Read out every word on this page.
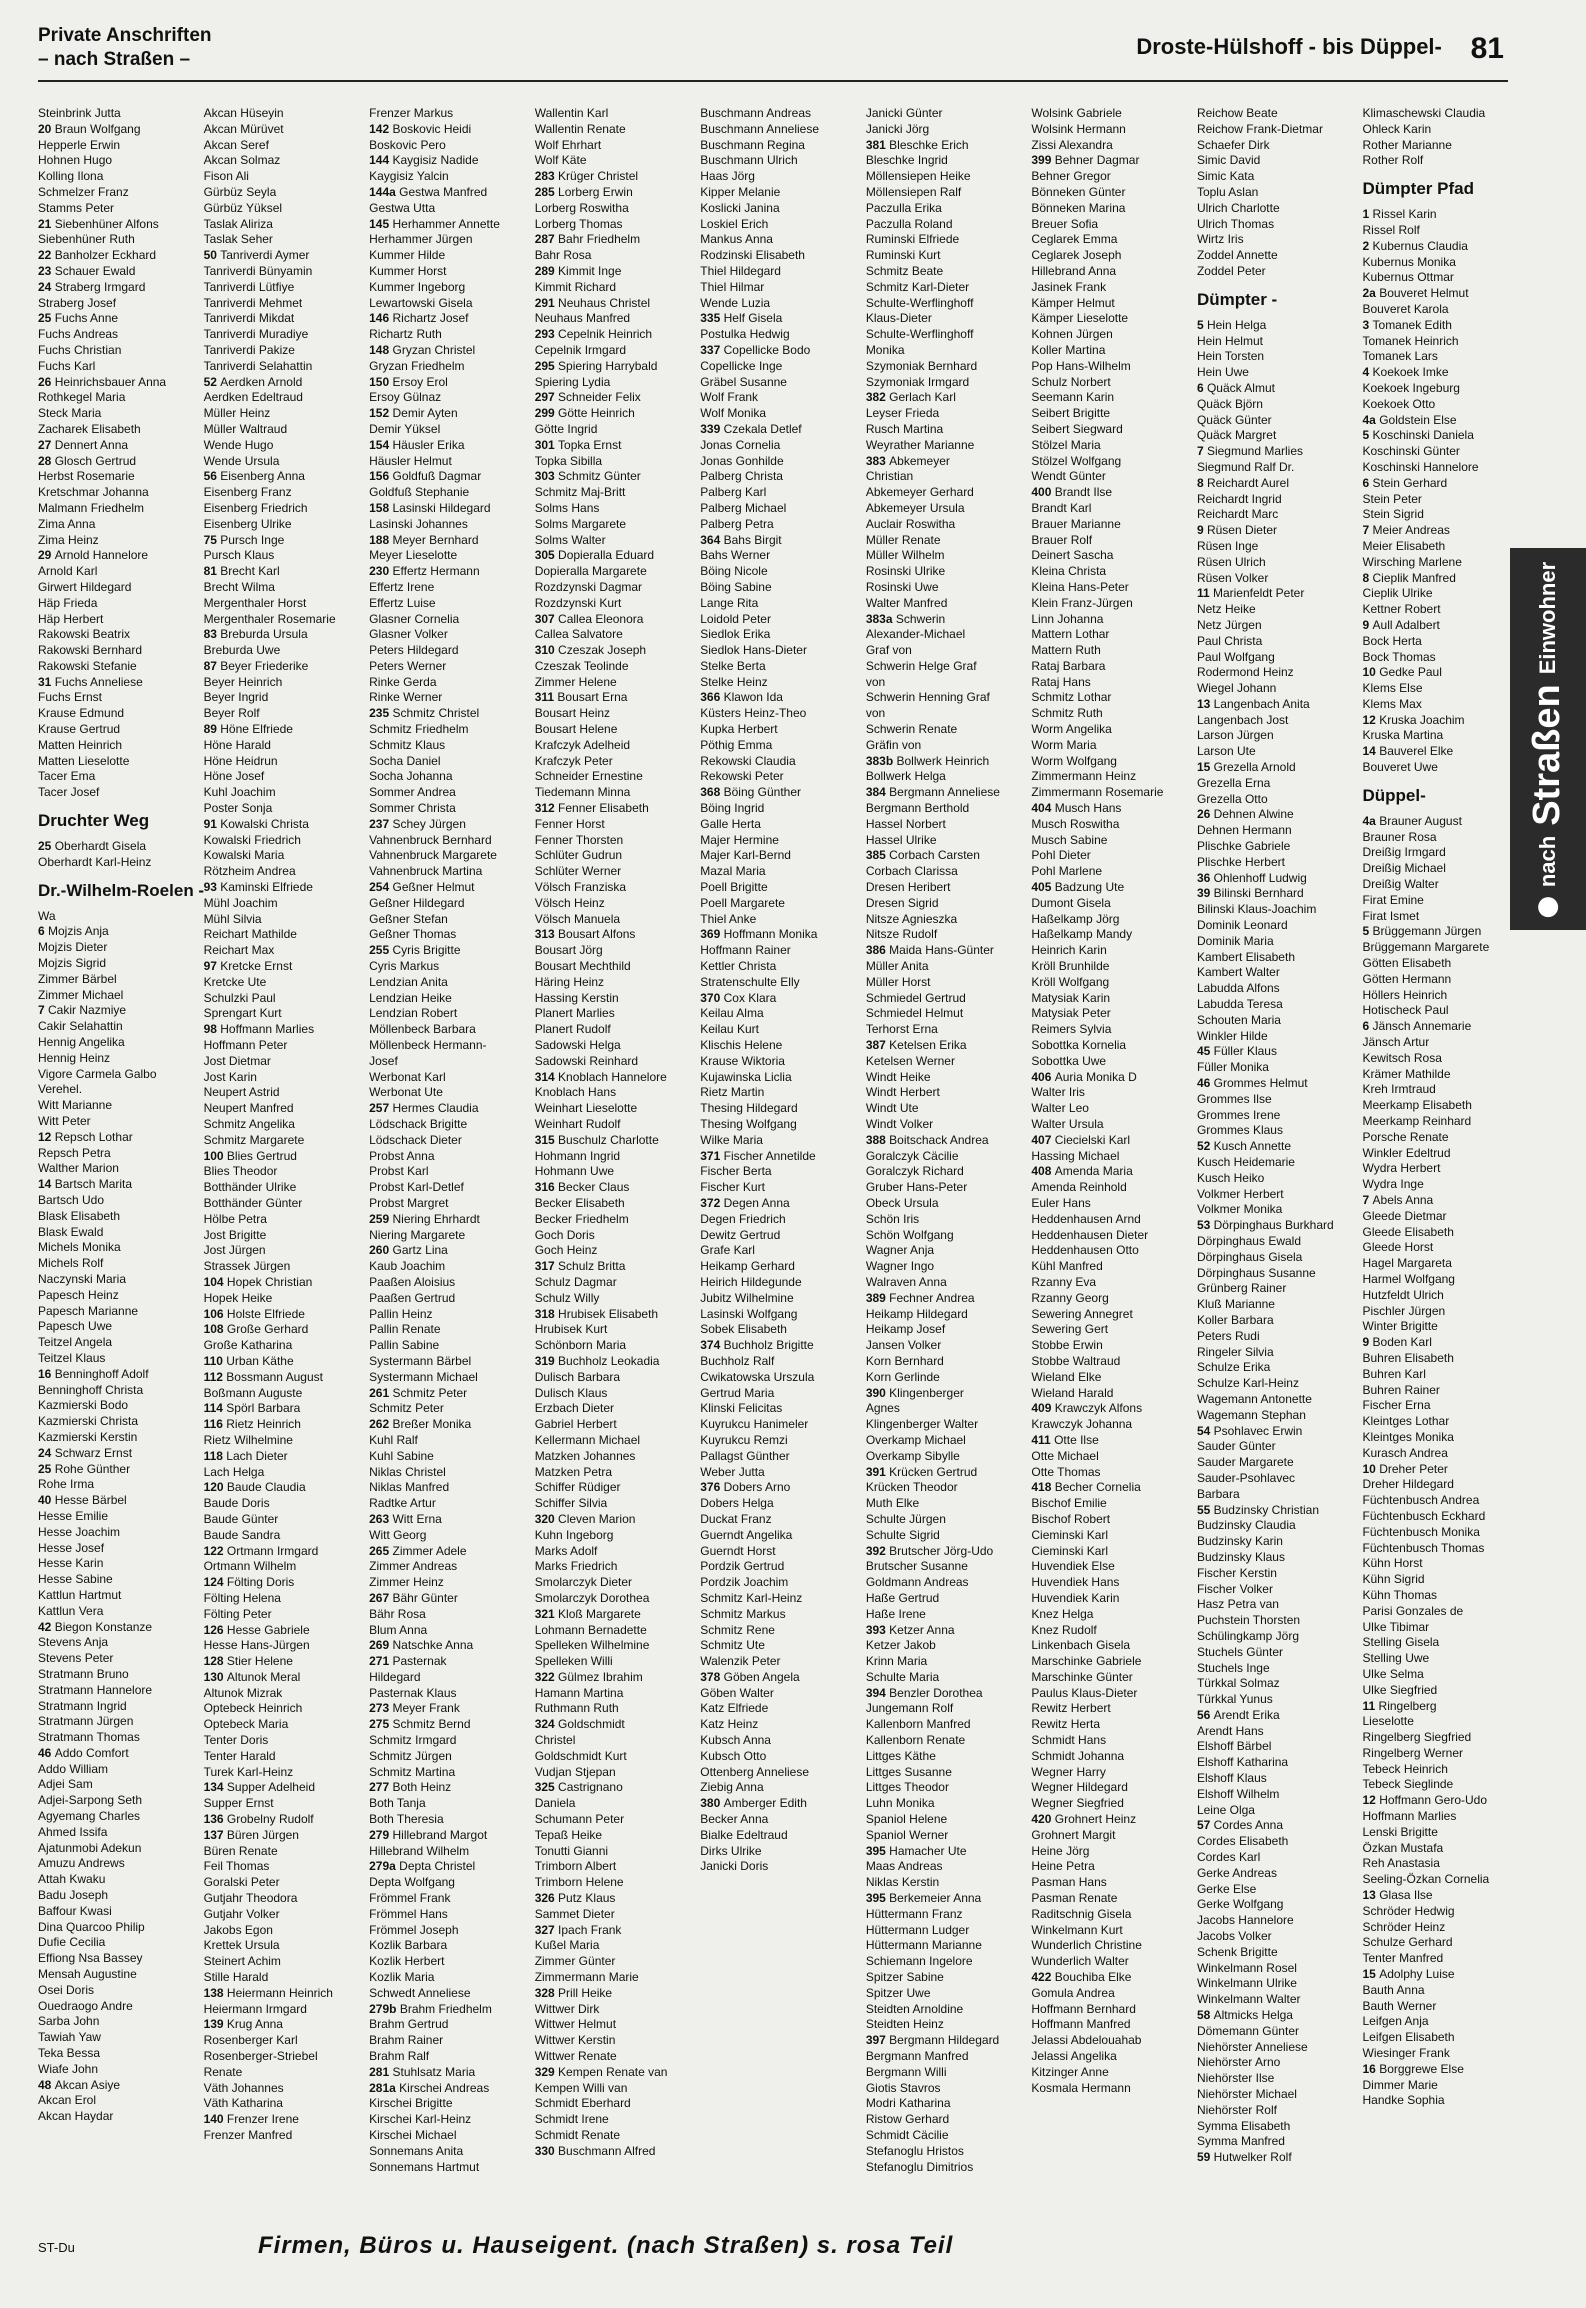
Private Anschriften
– nach Straßen –
Droste-Hülshoff - bis Düppel- 81
Steinbrink Jutta
20 Braun Wolfgang
Hepperle Erwin
Hohnen Hugo
Kolling Ilona
Schmelzer Franz
Stamms Peter
21 Siebenhüner Alfons
Siebenhüner Ruth
22 Banholzer Eckhard
23 Schauer Ewald
24 Straberg Irmgard
Straberg Josef
25 Fuchs Anne
Fuchs Andreas
Fuchs Christian
Fuchs Karl
26 Heinrichsbauer Anna
Rothkegel Maria
Steck Maria
Zacharek Elisabeth
27 Dennert Anna
28 Glosch Gertrud
Herbst Rosemarie
Kretschmar Johanna
Malmann Friedhelm
Zima Anna
Zima Heinz
29 Arnold Hannelore
Arnold Karl
Girwert Hildegard
Häp Frieda
Häp Herbert
Rakowski Beatrix
Rakowski Bernhard
Rakowski Stefanie
31 Fuchs Anneliese
Fuchs Ernst
Krause Edmund
Krause Gertrud
Matten Heinrich
Matten Lieselotte
Tacer Ema
Tacer Josef
Druchter Weg
25 Oberhardt Gisela
Oberhardt Karl-Heinz
Dr.-Wilhelm-Roelen -
Wa
6 Mojzis Anja
Mojzis Dieter
Mojzis Sigrid
Zimmer Bärbel
Zimmer Michael
7 Cakir Nazmiye
Cakir Selahattin
Hennig Angelika
Hennig Heinz
Vigore Carmela Galbo
Verehel.
Witt Marianne
Witt Peter
12 Repsch Lothar
Repsch Petra
Walther Marion
14 Bartsch Marita
Bartsch Udo
Blask Elisabeth
Blask Ewald
Michels Monika
Michels Rolf
Naczynski Maria
Papesch Heinz
Papesch Marianne
Papesch Uwe
Teitzel Angela
Teitzel Klaus
16 Benninghoff Adolf
Benninghoff Christa
Kazmierski Bodo
Kazmierski Christa
Kazmierski Kerstin
24 Schwarz Ernst
25 Rohe Günther
Rohe Irma
40 Hesse Bärbel
Hesse Emilie
Hesse Joachim
Hesse Josef
Hesse Karin
Hesse Sabine
Kattlun Hartmut
Kattlun Vera
42 Biegon Konstanze
Stevens Anja
Stevens Peter
Stratmann Bruno
Stratmann Hannelore
Stratmann Ingrid
Stratmann Jürgen
Stratmann Thomas
46 Addo Comfort
Addo William
Adjei Sam
Adjei-Sarpong Seth
Agyemang Charles
Ahmed Issifa
Ajatunmobi Adekun
Amuzu Andrews
Attah Kwaku
Badu Joseph
Baffour Kwasi
Dina Quarcoo Philip
Dufie Cecilia
Effiong Nsa Bassey
Mensah Augustine
Osei Doris
Ouedraogo Andre
Sarba John
Tawiah Yaw
Teka Bessa
Wiafe John
48 Akcan Asiye
Akcan Erol
Akcan Haydar
Akcan Hüseyin
Akcan Mürüvet
Akcan Seref
Akcan Solmaz
Fison Ali
Gürbüz Seyla
Gürbüz Yüksel
Taslak Aliriza
Taslak Seher
50 Tanriverdi Aymer
Tanriverdi Bünyamin
Tanriverdi Lütfiye
Tanriverdi Mehmet
Tanriverdi Mikdat
Tanriverdi Muradiye
Tanriverdi Pakize
Tanriverdi Selahattin
52 Aerdken Arnold
Aerdken Edeltraud
Müller Heinz
Müller Waltraud
Wende Hugo
Wende Ursula
56 Eisenberg Anna
Eisenberg Franz
Eisenberg Friedrich
Eisenberg Ulrike
75 Pursch Inge
Pursch Klaus
81 Brecht Karl
Brecht Wilma
Mergenthaler Horst
Mergenthaler Rosemarie
83 Breburda Ursula
Breburda Uwe
87 Beyer Friederike
Beyer Heinrich
Beyer Ingrid
Beyer Rolf
89 Höne Elfriede
Höne Harald
Höne Heidrun
Höne Josef
Kuhl Joachim
Poster Sonja
91 Kowalski Christa
Kowalski Friedrich
Kowalski Maria
Rötzheim Andrea
93 Kaminski Elfriede
Mühl Joachim
Mühl Silvia
Reichart Mathilde
Reichart Max
97 Kretcke Ernst
Kretcke Ute
Schulzki Paul
Sprengart Kurt
98 Hoffmann Marlies
Hoffmann Peter
Jost Dietmar
Jost Karin
Neupert Astrid
Neupert Manfred
Schmitz Angelika
Schmitz Margarete
100 Blies Gertrud
Blies Theodor
Botthänder Ulrike
Botthänder Günter
Hölbe Petra
Jost Brigitte
Jost Jürgen
Strassek Jürgen
104 Hopek Christian
Hopek Heike
106 Holste Elfriede
108 Große Gerhard
Große Katharina
110 Urban Käthe
112 Bossmann August
Boßmann Auguste
114 Spörl Barbara
116 Rietz Heinrich
Rietz Wilhelmine
118 Lach Dieter
Lach Helga
120 Baude Claudia
Baude Doris
Baude Günter
Baude Sandra
122 Ortmann Irmgard
Ortmann Wilhelm
124 Fölting Doris
Fölting Helena
Fölting Peter
126 Hesse Gabriele
Hesse Hans-Jürgen
128 Stier Helene
130 Altunok Meral
Altunok Mizrak
Optebeck Heinrich
Optebeck Maria
Tenter Doris
Tenter Harald
Turek Karl-Heinz
134 Supper Adelheid
Supper Ernst
136 Grobelny Rudolf
137 Büren Jürgen
Büren Renate
Feil Thomas
Goralski Peter
Gutjahr Theodora
Gutjahr Volker
Jakobs Egon
Krettek Ursula
Steinert Achim
Stille Harald
138 Heiermann Heinrich
Heiermann Irmgard
139 Krug Anna
Rosenberger Karl
Rosenberger-Striebel
Renate
Väth Johannes
Väth Katharina
140 Frenzer Irene
Frenzer Manfred
Frenzer Markus
142 Boskovic Heidi
Boskovic Pero
144 Kaygisiz Nadide
Kaygisiz Yalcin
144a Gestwa Manfred
Gestwa Utta
145 Herhammer Annette
Herhammer Jürgen
Kummer Hilde
Kummer Horst
Kummer Ingeborg
Lewartowski Gisela
146 Richartz Josef
Richartz Ruth
148 Gryzan Christel
Gryzan Friedhelm
150 Ersoy Erol
Ersoy Gülnaz
152 Demir Ayten
Demir Yüksel
154 Häusler Erika
Häusler Helmut
156 Goldfuß Dagmar
Goldfuß Stephanie
158 Lasinski Hildegard
Lasinski Johannes
188 Meyer Bernhard
Meyer Lieselotte
230 Effertz Hermann
Effertz Irene
Effertz Luise
Glasner Cornelia
Glasner Volker
Peters Hildegard
Peters Werner
Rinke Gerda
Rinke Werner
235 Schmitz Christel
Schmitz Friedhelm
Schmitz Klaus
Socha Daniel
Socha Johanna
Sommer Andrea
Sommer Christa
237 Schey Jürgen
Vahnenbruck Bernhard
Vahnenbruck Margarete
Vahnenbruck Martina
254 Geßner Helmut
Geßner Hildegard
Geßner Stefan
Geßner Thomas
255 Cyris Brigitte
Cyris Markus
Lendzian Anita
Lendzian Heike
Lendzian Robert
Möllenbeck Barbara
Möllenbeck Hermann-
Josef
Werbonat Karl
Werbonat Ute
257 Hermes Claudia
Lödschack Brigitte
Lödschack Dieter
Probst Anna
Probst Karl
Probst Karl-Detlef
Probst Margret
259 Niering Ehrhardt
Niering Margarete
260 Gartz Lina
Kaub Joachim
Paaßen Aloisius
Paaßen Gertrud
Pallin Heinz
Pallin Renate
Pallin Sabine
Systermann Bärbel
Systermann Michael
261 Schmitz Peter
Schmitz Peter
262 Breßer Monika
Kuhl Ralf
Kuhl Sabine
Niklas Christel
Niklas Manfred
Radtke Artur
263 Witt Erna
Witt Georg
265 Zimmer Adele
Zimmer Andreas
Zimmer Heinz
267 Bähr Günter
Bähr Rosa
Blum Anna
269 Natschke Anna
271 Pasternak
Hildegard
Pasternak Klaus
273 Meyer Frank
275 Schmitz Bernd
Schmitz Irmgard
Schmitz Jürgen
Schmitz Martina
277 Both Heinz
Both Tanja
Both Theresia
279 Hillebrand Margot
Hillebrand Wilhelm
279a Depta Christel
Depta Wolfgang
Frömmel Frank
Frömmel Hans
Frömmel Joseph
Kozlik Barbara
Kozlik Herbert
Kozlik Maria
Schwedt Anneliese
279b Brahm Friedhelm
Brahm Gertrud
Brahm Rainer
Brahm Ralf
281 Stuhlsatz Maria
281a Kirschei Andreas
Kirschei Brigitte
Kirschei Karl-Heinz
Kirschei Michael
Sonnemans Anita
Sonnemans Hartmut
Wallentin Karl
Wallentin Renate
Wolf Ehrhart
Wolf Käte
283 Krüger Christel
285 Lorberg Erwin
Lorberg Roswitha
Lorberg Thomas
287 Bahr Friedhelm
Bahr Rosa
289 Kimmit Inge
Kimmit Richard
291 Neuhaus Christel
Neuhaus Manfred
293 Cepelnik Heinrich
Cepelnik Irmgard
295 Spiering Harrybald
Spiering Lydia
297 Schneider Felix
299 Götte Heinrich
Götte Ingrid
301 Topka Ernst
Topka Sibilla
303 Schmitz Günter
Schmitz Maj-Britt
Solms Hans
Solms Margarete
Solms Walter
305 Dopieralla Eduard
Dopieralla Margarete
Rozdzynski Dagmar
Rozdzynski Kurt
307 Callea Eleonora
Callea Salvatore
310 Czeszak Joseph
Czeszak Teolinde
Zimmer Helene
311 Bousart Erna
Bousart Heinz
Bousart Helene
Krafczyk Adelheid
Krafczyk Peter
Schneider Ernestine
Tiedemann Minna
312 Fenner Elisabeth
Fenner Horst
Fenner Thorsten
Schlüter Gudrun
Schlüter Werner
Völsch Franziska
Völsch Heinz
Völsch Manuela
313 Bousart Alfons
Bousart Jörg
Bousart Mechthild
Häring Heinz
Hassing Kerstin
Planert Marlies
Planert Rudolf
Sadowski Helga
Sadowski Reinhard
314 Knoblach Hannelore
Knoblach Hans
Weinhart Lieselotte
Weinhart Rudolf
315 Buschulz Charlotte
Hohmann Ingrid
Hohmann Uwe
316 Becker Claus
Becker Elisabeth
Becker Friedhelm
Goch Doris
Goch Heinz
317 Schulz Britta
Schulz Dagmar
Schulz Willy
318 Hrubisek Elisabeth
Hrubisek Kurt
Schönborn Maria
319 Buchholz Leokadia
Dulisch Barbara
Dulisch Klaus
Erzbach Dieter
Gabriel Herbert
Kellermann Michael
Matzken Johannes
Matzken Petra
Schiffer Rüdiger
Schiffer Silvia
320 Cleven Marion
Kuhn Ingeborg
Marks Adolf
Marks Friedrich
Smolarczyk Dieter
Smolarczyk Dorothea
321 Kloß Margarete
Lohmann Bernadette
Spelleken Wilhelmine
Spelleken Willi
322 Gülmez Ibrahim
Hamann Martina
Ruthmann Ruth
324 Goldschmidt
Christel
Goldschmidt Kurt
Vudjan Stjepan
325 Castrignano
Daniela
Schumann Peter
Tepaß Heike
Tonutti Gianni
Trimborn Albert
Trimborn Helene
326 Putz Klaus
Sammet Dieter
327 Ipach Frank
Kußel Maria
Zimmer Günter
Zimmermann Marie
328 Prill Heike
Wittwer Dirk
Wittwer Helmut
Wittwer Kerstin
Wittwer Renate
329 Kempen Renate van
Kempen Willi van
Schmidt Eberhard
Schmidt Irene
Schmidt Renate
330 Buschmann Alfred
Buschmann Andreas
Buschmann Anneliese
Buschmann Regina
Buschmann Ulrich
Haas Jörg
Kipper Melanie
Koslicki Janina
Loskiel Erich
Mankus Anna
Rodzinski Elisabeth
Thiel Hildegard
Thiel Hilmar
Wende Luzia
335 Helf Gisela
Postulka Hedwig
337 Copellicke Bodo
Copellicke Inge
Gräbel Susanne
Wolf Frank
Wolf Monika
339 Czekala Detlef
Jonas Cornelia
Jonas Gonhilde
Palberg Christa
Palberg Karl
Palberg Michael
Palberg Petra
364 Bahs Birgit
Bahs Werner
Böing Nicole
Böing Sabine
Lange Rita
Loidold Peter
Siedlok Erika
Siedlok Hans-Dieter
Stelke Berta
Stelke Heinz
366 Klawon Ida
Küsters Heinz-Theo
Kupka Herbert
Pöthig Emma
Rekowski Claudia
Rekowski Peter
368 Böing Günther
Böing Ingrid
Galle Herta
Majer Hermine
Majer Karl-Bernd
Mazal Maria
Poell Brigitte
Poell Margarete
Thiel Anke
369 Hoffmann Monika
Hoffmann Rainer
Kettler Christa
Stratenschulte Elly
370 Cox Klara
Keilau Alma
Keilau Kurt
Klischis Helene
Krause Wiktoria
Kujawinska Liclia
Rietz Martin
Thesing Hildegard
Thesing Wolfgang
Wilke Maria
371 Fischer Annetilde
Fischer Berta
Fischer Kurt
372 Degen Anna
Degen Friedrich
Dewitz Gertrud
Grafe Karl
Heikamp Gerhard
Heirich Hildegunde
Jubitz Wilhelmine
Lasinski Wolfgang
Sobek Elisabeth
374 Buchholz Brigitte
Buchholz Ralf
Cwikatowska Urszula
Gertrud Maria
Klinski Felicitas
Kuyrukcu Hanimeler
Kuyrukcu Remzi
Pallagst Günther
Weber Jutta
376 Dobers Arno
Dobers Helga
Duckat Franz
Guerndt Angelika
Guerndt Horst
Pordzik Gertrud
Pordzik Joachim
Schmitz Karl-Heinz
Schmitz Markus
Schmitz Rene
Schmitz Ute
Walenzik Peter
378 Göben Angela
Göben Walter
Katz Elfriede
Katz Heinz
Kubsch Anna
Kubsch Otto
Ottenberg Anneliese
Ziebig Anna
380 Amberger Edith
Becker Anna
Bialke Edeltraud
Dirks Ulrike
Janicki Doris
Janicki Günter
Janicki Jörg
381 Bleschke Erich
Bleschke Ingrid
Möllensiepen Heike
Möllensiepen Ralf
Paczulla Erika
Paczulla Roland
Ruminski Elfriede
Ruminski Kurt
Schmitz Beate
Schmitz Karl-Dieter
Schulte-Werflinghoff
Klaus-Dieter
Schulte-Werflinghoff
Monika
Szymoniak Bernhard
Szymoniak Irmgard
382 Gerlach Karl
Leyser Frieda
Rusch Martina
Weyrather Marianne
383 Abkemeyer
Christian
Abkemeyer Gerhard
Abkemeyer Ursula
Auclair Roswitha
Müller Renate
Müller Wilhelm
Rosinski Ulrike
Rosinski Uwe
Walter Manfred
383a Schwerin
Alexander-Michael
Graf von
Schwerin Helge Graf
von
Schwerin Henning Graf
von
Schwerin Renate
Gräfin von
383b Bollwerk Heinrich
Bollwerk Helga
384 Bergmann Anneliese
Bergmann Berthold
Hassel Norbert
Hassel Ulrike
385 Corbach Carsten
Corbach Clarissa
Dresen Heribert
Dresen Sigrid
Nitsze Agnieszka
Nitsze Rudolf
386 Maida Hans-Günter
Müller Anita
Müller Horst
Schmiedel Gertrud
Schmiedel Helmut
Terhorst Erna
387 Ketelsen Erika
Ketelsen Werner
Windt Heike
Windt Herbert
Windt Ute
Windt Volker
388 Boitschack Andrea
Goralczyk Cäcilie
Goralczyk Richard
Gruber Hans-Peter
Obeck Ursula
Schön Iris
Schön Wolfgang
Wagner Anja
Wagner Ingo
Walraven Anna
389 Fechner Andrea
Heikamp Hildegard
Heikamp Josef
Jansen Volker
Korn Bernhard
Korn Gerlinde
390 Klingenberger
Agnes
Klingenberger Walter
Overkamp Michael
Overkamp Sibylle
391 Krücken Gertrud
Krücken Theodor
Muth Elke
Schulte Jürgen
Schulte Sigrid
392 Brutscher Jörg-Udo
Brutscher Susanne
Goldmann Andreas
Haße Gertrud
Haße Irene
393 Ketzer Anna
Ketzer Jakob
Krinn Maria
Schulte Maria
394 Benzler Dorothea
Jungemann Rolf
Kallenborn Manfred
Kallenborn Renate
Littges Käthe
Littges Susanne
Littges Theodor
Luhn Monika
Spaniol Helene
Spaniol Werner
395 Hamacher Ute
Maas Andreas
Niklas Kerstin
395 Berkemeier Anna
Hüttermann Franz
Hüttermann Ludger
Hüttermann Marianne
Schiemann Ingelore
Spitzer Sabine
Spitzer Uwe
Steidten Arnoldine
Steidten Heinz
397 Bergmann Hildegard
Bergmann Manfred
Bergmann Willi
Giotis Stavros
Modri Katharina
Ristow Gerhard
Schmidt Cäcilie
Stefanoglu Hristos
Stefanoglu Dimitrios
Wolsink Gabriele
Wolsink Hermann
Zissi Alexandra
399 Behner Dagmar
Behner Gregor
Bönneken Günter
Bönneken Marina
Breuer Sofia
Ceglarek Emma
Ceglarek Joseph
Hillebrand Anna
Jasinek Frank
Kämper Helmut
Kämper Lieselotte
Kohnen Jürgen
Koller Martina
Pop Hans-Wilhelm
Schulz Norbert
Seemann Karin
Seibert Brigitte
Seibert Siegward
Stölzel Maria
Stölzel Wolfgang
Wendt Günter
400 Brandt Ilse
Brandt Karl
Brauer Marianne
Brauer Rolf
Deinert Sascha
Kleina Christa
Kleina Hans-Peter
Klein Franz-Jürgen
Linn Johanna
Mattern Lothar
Mattern Ruth
Rataj Barbara
Rataj Hans
Schmitz Lothar
Schmitz Ruth
Worm Angelika
Worm Maria
Worm Wolfgang
Zimmermann Heinz
Zimmermann Rosemarie
404 Musch Hans
Musch Roswitha
Musch Sabine
Pohl Dieter
Pohl Marlene
405 Badzung Ute
Dumont Gisela
Haßelkamp Jörg
Haßelkamp Mandy
Heinrich Karin
Kröll Brunhilde
Kröll Wolfgang
Matysiak Karin
Matysiak Peter
Reimers Sylvia
Sobottka Kornelia
Sobottka Uwe
406 Auria Monika D
Walter Iris
Walter Leo
Walter Ursula
407 Ciecielski Karl
Hassing Michael
408 Amenda Maria
Amenda Reinhold
Euler Hans
Heddenhausen Arnd
Heddenhausen Dieter
Heddenhausen Otto
Kühl Manfred
Rzanny Eva
Rzanny Georg
Sewering Annegret
Sewering Gert
Stobbe Erwin
Stobbe Waltraud
Wieland Elke
Wieland Harald
409 Krawczyk Alfons
Krawczyk Johanna
411 Otte Ilse
Otte Michael
Otte Thomas
418 Becher Cornelia
Bischof Emilie
Bischof Robert
Cieminski Karl
Cieminski Karl
Huvendiek Else
Huvendiek Hans
Huvendiek Karin
Knez Helga
Knez Rudolf
Linkenbach Gisela
Marschinke Gabriele
Marschinke Günter
Paulus Klaus-Dieter
Rewitz Herbert
Rewitz Herta
Schmidt Hans
Schmidt Johanna
Wegner Harry
Wegner Hildegard
Wegner Siegfried
420 Grohnert Heinz
Grohnert Margit
Heine Jörg
Heine Petra
Pasman Hans
Pasman Renate
Raditschnig Gisela
Winkelmann Kurt
Wunderlich Christine
Wunderlich Walter
422 Bouchiba Elke
Gomula Andrea
Hoffmann Bernhard
Hoffmann Manfred
Jelassi Abdelouahab
Jelassi Angelika
Kitzinger Anne
Kosmala Hermann
Reichow Beate
Reichow Frank-Dietmar
Schaefer Dirk
Simic David
Simic Kata
Toplu Aslan
Ulrich Charlotte
Ulrich Thomas
Wirtz Iris
Zoddel Annette
Zoddel Peter
Dümpter -
5 Hein Helga
Hein Helmut
Hein Torsten
Hein Uwe
6 Quäck Almut
Quäck Björn
Quäck Günter
Quäck Margret
7 Siegmund Marlies
Siegmund Ralf Dr.
8 Reichardt Aurel
Reichardt Ingrid
Reichardt Marc
9 Rüsen Dieter
Rüsen Inge
Rüsen Ulrich
Rüsen Volker
11 Marienfeldt Peter
Netz Heike
Netz Jürgen
Paul Christa
Paul Wolfgang
Rodermond Heinz
Wiegel Johann
13 Langenbach Anita
Langenbach Jost
Larson Jürgen
Larson Ute
15 Grezella Arnold
Grezella Erna
Grezella Otto
26 Dehnen Alwine
Dehnen Hermann
Plischke Gabriele
Plischke Herbert
36 Ohlenhoff Ludwig
39 Bilinski Bernhard
Bilinski Klaus-Joachim
Dominik Leonard
Dominik Maria
Kambert Elisabeth
Kambert Walter
Labudda Alfons
Labudda Teresa
Schouten Maria
Winkler Hilde
45 Füller Klaus
Füller Monika
46 Grommes Helmut
Grommes Ilse
Grommes Irene
Grommes Klaus
52 Kusch Annette
Kusch Heidemarie
Kusch Heiko
Volkmer Herbert
Volkmer Monika
53 Dörpinghaus Burkhard
Dörpinghaus Ewald
Dörpinghaus Gisela
Dörpinghaus Susanne
Grünberg Rainer
Kluß Marianne
Koller Barbara
Peters Rudi
Ringeler Silvia
Schulze Erika
Schulze Karl-Heinz
Wagemann Antonette
Wagemann Stephan
54 Psohlavec Erwin
Sauder Günter
Sauder Margarete
Sauder-Psohlavec
Barbara
55 Budzinsky Christian
Budzinsky Claudia
Budzinsky Karin
Budzinsky Klaus
Fischer Kerstin
Fischer Volker
Hasz Petra van
Puchstein Thorsten
Schülingkamp Jörg
Stuchels Günter
Stuchels Inge
Türkkal Solmaz
Türkkal Yunus
56 Arendt Erika
Arendt Hans
Elshoff Bärbel
Elshoff Katharina
Elshoff Klaus
Elshoff Wilhelm
Leine Olga
57 Cordes Anna
Cordes Elisabeth
Cordes Karl
Gerke Andreas
Gerke Else
Gerke Wolfgang
Jacobs Hannelore
Jacobs Volker
Schenk Brigitte
Winkelmann Rosel
Winkelmann Ulrike
Winkelmann Walter
58 Altmicks Helga
Dömemann Günter
Niehörster Anneliese
Niehörster Arno
Niehörster Ilse
Niehörster Michael
Niehörster Rolf
Symma Elisabeth
Symma Manfred
59 Hutwelker Rolf
Klimaschewski Claudia
Ohleck Karin
Rother Marianne
Rother Rolf
Dümpter Pfad
1 Rissel Karin
Rissel Rolf
2 Kubernus Claudia
Kubernus Monika
Kubernus Ottmar
2a Bouveret Helmut
Bouveret Karola
3 Tomanek Edith
Tomanek Heinrich
Tomanek Lars
4 Koekoek Imke
Koekoek Ingeburg
Koekoek Otto
4a Goldstein Else
5 Koschinski Daniela
Koschinski Günter
Koschinski Hannelore
6 Stein Gerhard
Stein Peter
Stein Sigrid
7 Meier Andreas
Meier Elisabeth
Wirsching Marlene
8 Cieplik Manfred
Cieplik Ulrike
Kettner Robert
9 Aull Adalbert
Bock Herta
Bock Thomas
10 Gedke Paul
Klems Else
Klems Max
12 Kruska Joachim
Kruska Martina
14 Bauverel Elke
Bouveret Uwe
Düppel-
4a Brauner August
Brauner Rosa
Dreißig Irmgard
Dreißig Michael
Dreißig Walter
Firat Emine
Firat Ismet
5 Brüggemann Jürgen
Brüggemann Margarete
Götten Elisabeth
Götten Hermann
Höllers Heinrich
Hotischeck Paul
6 Jänsch Annemarie
Jänsch Artur
Kewitsch Rosa
Krämer Mathilde
Kreh Irmtraud
Meerkamp Elisabeth
Meerkamp Reinhard
Porsche Renate
Winkler Edeltrud
Wydra Herbert
Wydra Inge
7 Abels Anna
Gleede Dietmar
Gleede Elisabeth
Gleede Horst
Hagel Margareta
Harmel Wolfgang
Hutzfeldt Ulrich
Pischler Jürgen
Winter Brigitte
9 Boden Karl
Buhren Elisabeth
Buhren Karl
Buhren Rainer
Fischer Erna
Kleintges Lothar
Kleintges Monika
Kurasch Andrea
10 Dreher Peter
Dreher Hildegard
Füchtenbusch Andrea
Füchtenbusch Eckhard
Füchtenbusch Monika
Füchtenbusch Thomas
Kühn Horst
Kühn Sigrid
Kühn Thomas
Parisi Gonzales de
Ulke Tibimar
Stelling Gisela
Stelling Uwe
Ulke Selma
Ulke Siegfried
11 Ringelberg
Lieselotte
Ringelberg Siegfried
Ringelberg Werner
Tebeck Heinrich
Tebeck Sieglinde
12 Hoffmann Gero-Udo
Hoffmann Marlies
Lenski Brigitte
Özkan Mustafa
Reh Anastasia
Seeling-Özkan Cornelia
13 Glasa Ilse
Schröder Hedwig
Schröder Heinz
Schulze Gerhard
Tenter Manfred
15 Adolphy Luise
Bauth Anna
Bauth Werner
Leifgen Anja
Leifgen Elisabeth
Wiesinger Frank
16 Borggrewe Else
Dimmer Marie
Handke Sophia
nach
Straßen
Einwohner
ST-Du	Firmen, Büros u. Hauseigent. (nach Straßen) s. rosa Teil
